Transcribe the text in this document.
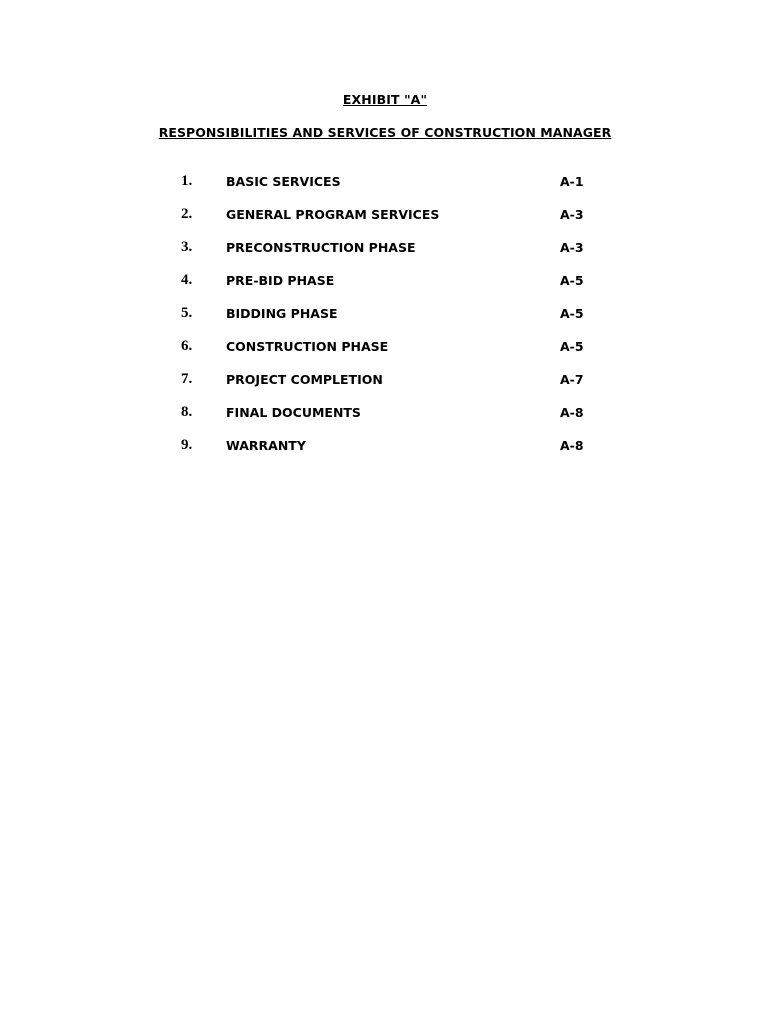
EXHIBIT "A"
RESPONSIBILITIES AND SERVICES OF CONSTRUCTION MANAGER
1.	BASIC SERVICES	A-1
2.	GENERAL PROGRAM SERVICES	A-3
3.	PRECONSTRUCTION PHASE	A-3
4.	PRE-BID PHASE	A-5
5.	BIDDING PHASE	A-5
6.	CONSTRUCTION PHASE	A-5
7.	PROJECT COMPLETION	A-7
8.	FINAL DOCUMENTS	A-8
9.	WARRANTY	A-8
